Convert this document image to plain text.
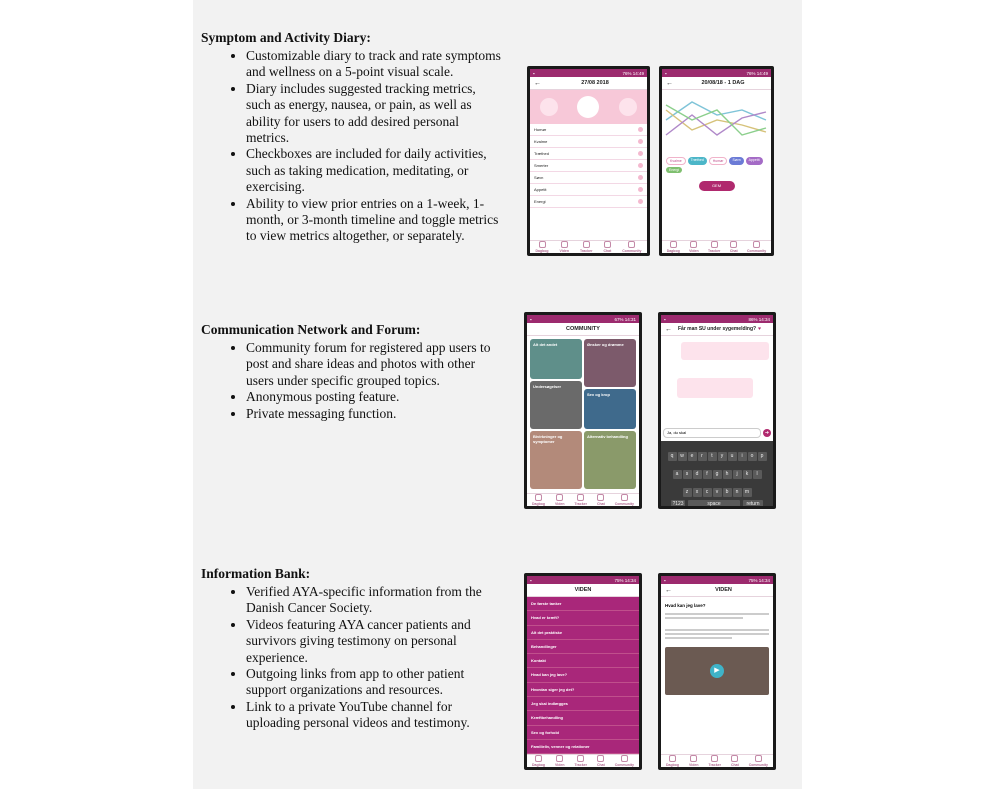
Symptom and Activity Diary:
• Customizable diary to track and rate symptoms and wellness on a 5-point visual scale.
• Diary includes suggested tracking metrics, such as energy, nausea, or pain, as well as ability for users to add desired personal metrics.
• Checkboxes are included for daily activities, such as taking medication, meditating, or exercising.
• Ability to view prior entries on a 1-week, 1-month, or 3-month timeline and toggle metrics to view metrics altogether, or separately.
Communication Network and Forum:
• Community forum for registered app users to post and share ideas and photos with other users under specific grouped topics.
• Anonymous posting feature.
• Private messaging function.
Information Bank:
• Verified AYA-specific information from the Danish Cancer Society.
• Videos featuring AYA cancer patients and survivors giving testimony on personal experience.
• Outgoing links from app to other patient support organizations and resources.
• Link to a private YouTube channel for uploading personal videos and testimony.
▪	76% 14:49
←	27/08 2018
Humør
Kvalme
Træthed
Smerter
Søvn
Appetit
Energi
Dagbog	Viden	Tracker	Chat	Community
▪	76% 14:49
←	20/08/18 - 1 DAG
Kvalme	Træthed	Humør	Søvn	Appetit
Energi
GEM
Dagbog	Viden	Tracker	Chat	Community
▪	67% 14:31
COMMUNITY
Alt det andet	Ønsker og drømme
Undersøgelser
Sex og krop
Bivirkninger og symptomer
Alternativ behandling
Dagbog	Viden	Tracker	Chat	Community
▪	86% 14:34
← Får man SU under sygemelding? ♥
Ja, du skal	➜
q w e r t y u i o p
a s d f g h j k l
z x c v b n m
?123	space	return
▪	75% 14:34
VIDEN
De første tanker
Hvad er kræft?
Alt det praktiske
Behandlinger
Kontakt
Hvad kan jeg lave?
Hvordan siger jeg det?
Jeg skal indlægges
Kræftbehandling
Sex og forhold
Familieliv, venner og relationer
Dagbog	Viden	Tracker	Chat	Community
▪	75% 14:34
←	VIDEN
Hvad kan jeg lave?
▶
Dagbog	Viden	Tracker	Chat	Community
